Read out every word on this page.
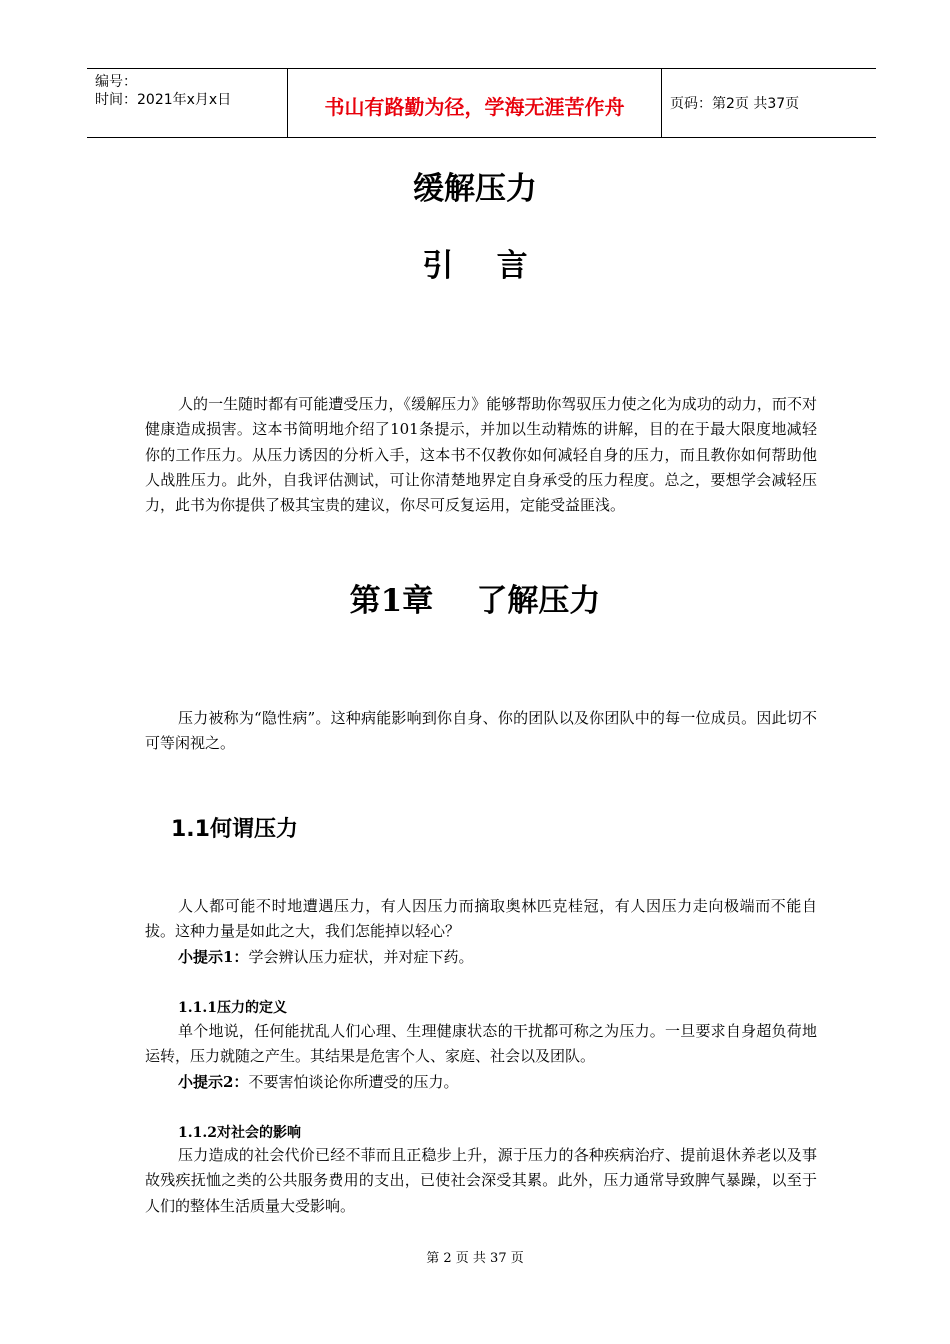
编号：
时间：2021年x月x日	书山有路勤为径，学海无涯苦作舟	页码：第2页 共37页
缓解压力
引    言

人的一生随时都有可能遭受压力，《缓解压力》能够帮助你驾驭压力使之化为成功的动力，而不对健康造成损害。这本书简明地介绍了101条提示，并加以生动精炼的讲解，目的在于最大限度地减轻你的工作压力。从压力诱因的分析入手，这本书不仅教你如何减轻自身的压力，而且教你如何帮助他人战胜压力。此外，自我评估测试，可让你清楚地界定自身承受的压力程度。总之，要想学会减轻压力，此书为你提供了极其宝贵的建议，你尽可反复运用，定能受益匪浅。

第1章    了解压力

压力被称为“隐性病”。这种病能影响到你自身、你的团队以及你团队中的每一位成员。因此切不可等闲视之。

1.1何谓压力

人人都可能不时地遭遇压力，有人因压力而摘取奥林匹克桂冠，有人因压力走向极端而不能自拔。这种力量是如此之大，我们怎能掉以轻心？

小提示1：学会辨认压力症状，并对症下药。
1.1.1压力的定义

单个地说，任何能扰乱人们心理、生理健康状态的干扰都可称之为压力。一旦要求自身超负荷地运转，压力就随之产生。其结果是危害个人、家庭、社会以及团队。

小提示2：不要害怕谈论你所遭受的压力。
1.1.2对社会的影响

压力造成的社会代价已经不菲而且正稳步上升，源于压力的各种疾病治疗、提前退休养老以及事故残疾抚恤之类的公共服务费用的支出，已使社会深受其累。此外，压力通常导致脾气暴躁，以至于人们的整体生活质量大受影响。

第 2 页 共 37 页
